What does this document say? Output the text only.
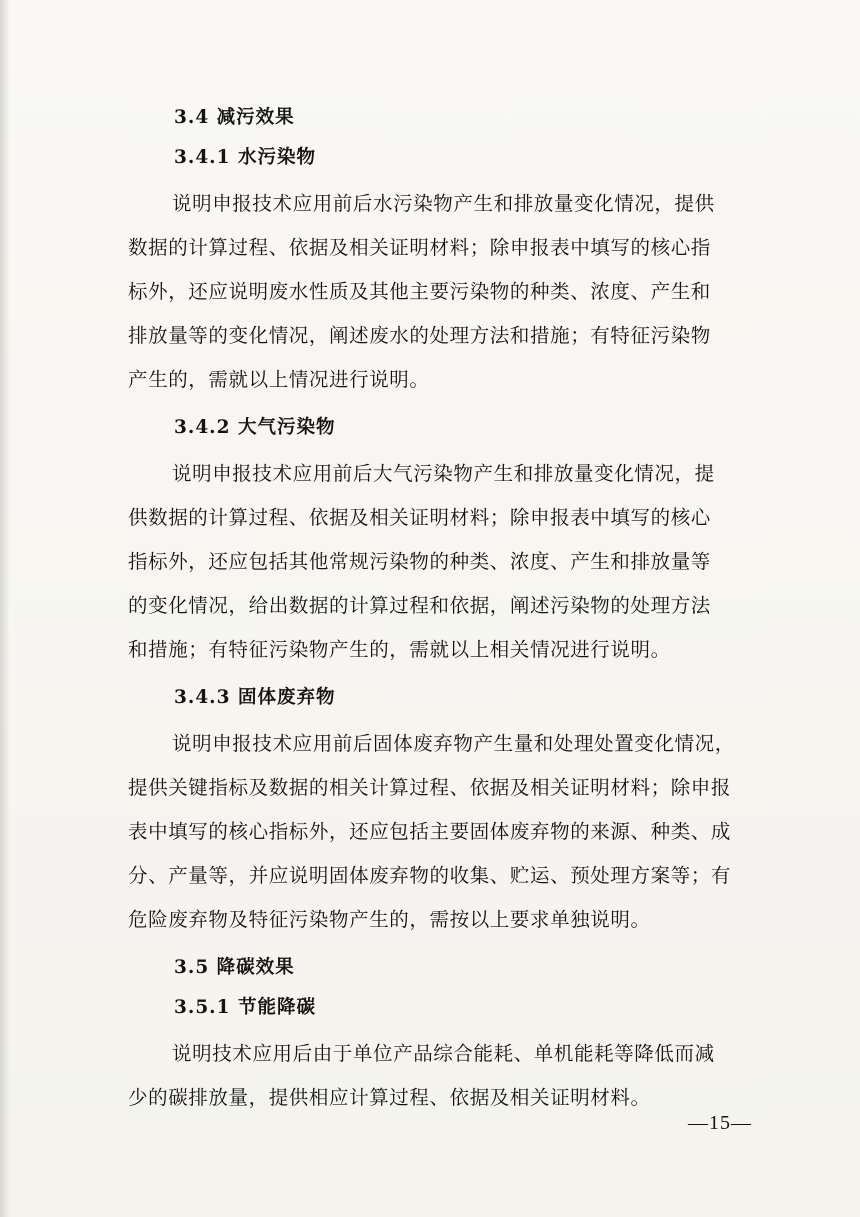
3.4 减污效果
3.4.1 水污染物
说明申报技术应用前后水污染物产生和排放量变化情况，提供
数据的计算过程、依据及相关证明材料；除申报表中填写的核心指
标外，还应说明废水性质及其他主要污染物的种类、浓度、产生和
排放量等的变化情况，阐述废水的处理方法和措施；有特征污染物
产生的，需就以上情况进行说明。
3.4.2 大气污染物
说明申报技术应用前后大气污染物产生和排放量变化情况，提
供数据的计算过程、依据及相关证明材料；除申报表中填写的核心
指标外，还应包括其他常规污染物的种类、浓度、产生和排放量等
的变化情况，给出数据的计算过程和依据，阐述污染物的处理方法
和措施；有特征污染物产生的，需就以上相关情况进行说明。
3.4.3 固体废弃物
说明申报技术应用前后固体废弃物产生量和处理处置变化情况，
提供关键指标及数据的相关计算过程、依据及相关证明材料；除申报
表中填写的核心指标外，还应包括主要固体废弃物的来源、种类、成
分、产量等，并应说明固体废弃物的收集、贮运、预处理方案等；有
危险废弃物及特征污染物产生的，需按以上要求单独说明。
3.5 降碳效果
3.5.1 节能降碳
说明技术应用后由于单位产品综合能耗、单机能耗等降低而减
少的碳排放量，提供相应计算过程、依据及相关证明材料。
—15—
